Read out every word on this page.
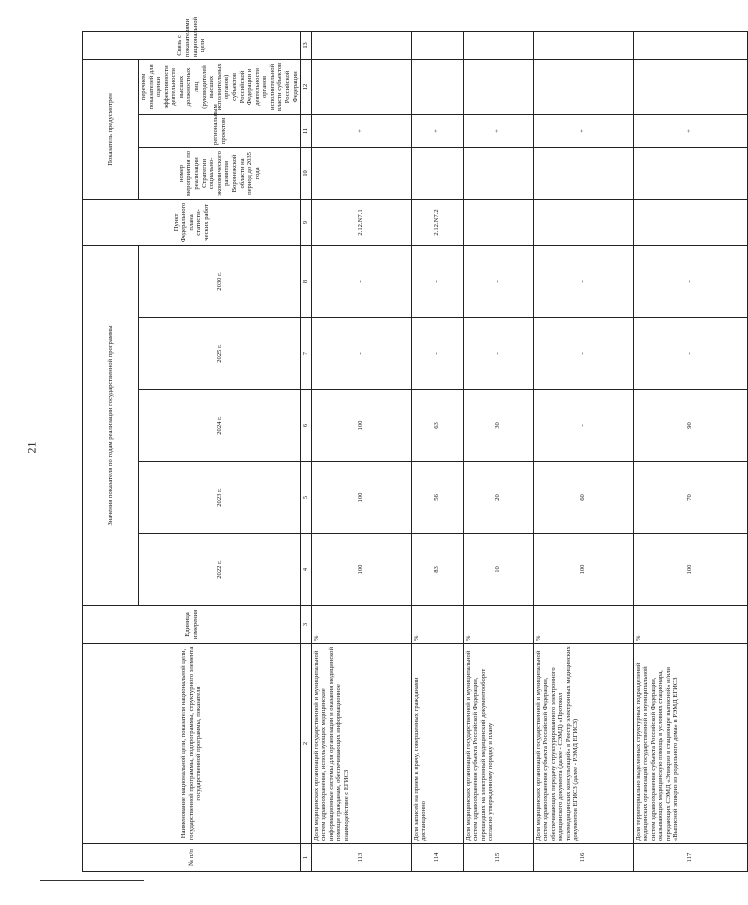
21
№ п/п	Наименование национальной цели, показателя национальной цели, государственной программы, подпрограммы, структурного элемента государственной программы, показателя	Единица измерения	Значения показателя по годам реализации государственной программы					Пункт Федерального плана статисти-ческих работ	Показатель предусмотрен			Связь с показателями национальной цели
			2022 г.	2023 г.	2024 г.	2025 г.	2030 г.		номер мероприятия по реализации Стратегии социально-экономического развития Воронежской области на период до 2035 года	региональным проектом	перечнем показателей для оценки эффективности деятельности высших должностных лиц (руководителей высших исполнительных органов) субъектов Российской Федерации и деятельности органов исполнительной власти субъектов Российской Федерации	
1	2	3	4	5	6	7	8	9	10	11	12	13
113	Доля медицинских организаций государственной и муниципальной систем здравоохранения, использующих медицинские информационные системы для организации и оказания медицинской помощи гражданам, обеспечивающих информационное взаимодействие с ЕГИСЗ	%	100	100	100	-	-	2.12.N7.1		+		
114	Доля записей на прием к врачу, совершенных гражданами дистанционно	%	83	56	63	-	-	2.12.N7.2		+		
115	Доля медицинских организаций государственной и муниципальной систем здравоохранения субъекта Российской Федерации, перешедших на электронный медицинский документооборот согласно утвержденному порядку и плану	%	10	20	30	-	-			+		
116	Доля медицинских организаций государственной и муниципальной систем здравоохранения субъекта Российской Федерации, обеспечивающих передачу структурированного электронного медицинского документа (далее - СЭМД) «Протокол телемедицинских консультаций» в Реестр электронных медицинских документов ЕГИСЗ (далее - РЭМД ЕГИСЗ)	%	100	60	-	-	-			+		
117	Доля территориально выделенных структурных подразделений медицинских организаций государственной и муниципальной систем здравоохранения субъекта Российской Федерации, оказывающих медицинскую помощь в условиях стационара, передающих СЭМД «Эпикриз в стационаре выписной» и/или «Выписной эпикриз из родильного дома» в РЭМД ЕГИСЗ	%	100	70	90	-	-			+		
